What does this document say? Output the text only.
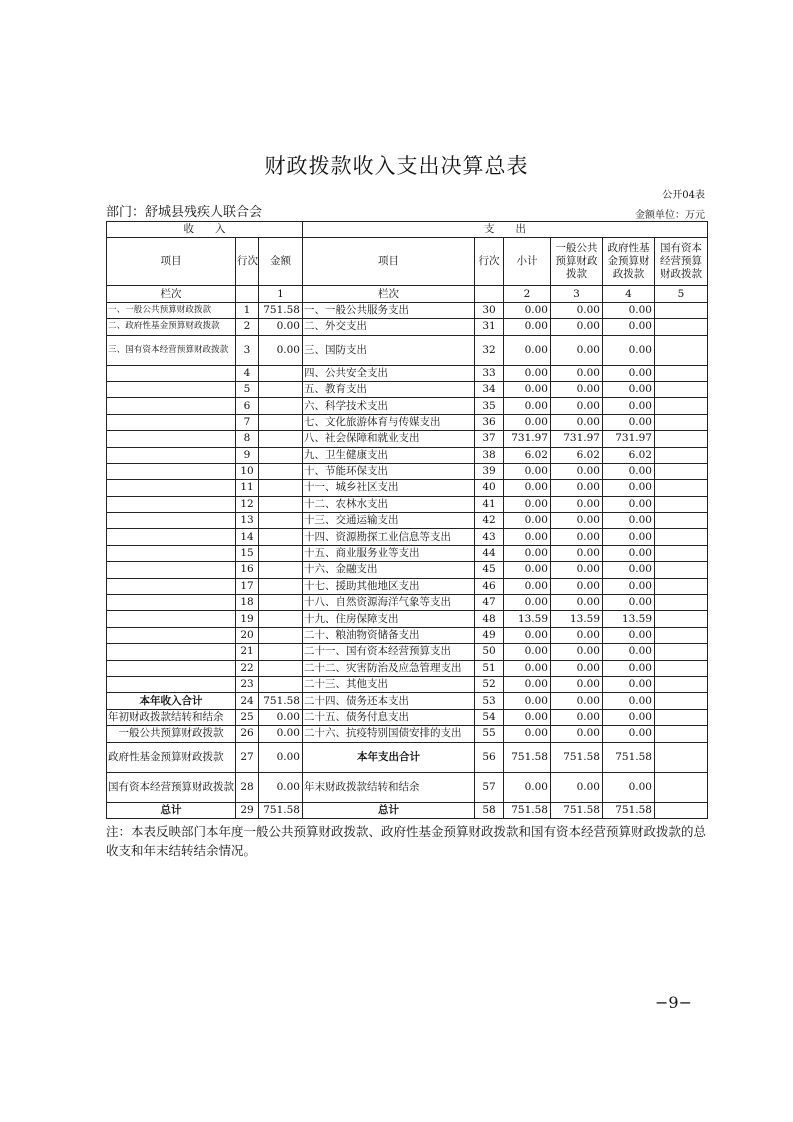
财政拨款收入支出决算总表
公开04表
部门：舒城县残疾人联合会	金额单位：万元
收　　入			支　　出					
项目	行次	金额	项目	行次	小计	一般公共预算财政拨款	政府性基金预算财政拨款	国有资本经营预算财政拨款
栏次		1	栏次		2	3	4	5
一、一般公共预算财政拨款	1	751.58	一、一般公共服务支出	30	0.00	0.00	0.00	
二、政府性基金预算财政拨款	2	0.00	二、外交支出	31	0.00	0.00	0.00	
三、国有资本经营预算财政拨款	3	0.00	三、国防支出	32	0.00	0.00	0.00	
	4		四、公共安全支出	33	0.00	0.00	0.00	
	5		五、教育支出	34	0.00	0.00	0.00	
	6		六、科学技术支出	35	0.00	0.00	0.00	
	7		七、文化旅游体育与传媒支出	36	0.00	0.00	0.00	
	8		八、社会保障和就业支出	37	731.97	731.97	731.97	
	9		九、卫生健康支出	38	6.02	6.02	6.02	
	10		十、节能环保支出	39	0.00	0.00	0.00	
	11		十一、城乡社区支出	40	0.00	0.00	0.00	
	12		十二、农林水支出	41	0.00	0.00	0.00	
	13		十三、交通运输支出	42	0.00	0.00	0.00	
	14		十四、资源勘探工业信息等支出	43	0.00	0.00	0.00	
	15		十五、商业服务业等支出	44	0.00	0.00	0.00	
	16		十六、金融支出	45	0.00	0.00	0.00	
	17		十七、援助其他地区支出	46	0.00	0.00	0.00	
	18		十八、自然资源海洋气象等支出	47	0.00	0.00	0.00	
	19		十九、住房保障支出	48	13.59	13.59	13.59	
	20		二十、粮油物资储备支出	49	0.00	0.00	0.00	
	21		二十一、国有资本经营预算支出	50	0.00	0.00	0.00	
	22		二十二、灾害防治及应急管理支出	51	0.00	0.00	0.00	
	23		二十三、其他支出	52	0.00	0.00	0.00	
本年收入合计	24	751.58	二十四、债务还本支出	53	0.00	0.00	0.00	
年初财政拨款结转和结余	25	0.00	二十五、债务付息支出	54	0.00	0.00	0.00	
一般公共预算财政拨款	26	0.00	二十六、抗疫特别国债安排的支出	55	0.00	0.00	0.00	
政府性基金预算财政拨款	27	0.00	本年支出合计	56	751.58	751.58	751.58	
国有资本经营预算财政拨款	28	0.00	年末财政拨款结转和结余	57	0.00	0.00	0.00	
总计	29	751.58	总计	58	751.58	751.58	751.58	
注：本表反映部门本年度一般公共预算财政拨款、政府性基金预算财政拨款和国有资本经营预算财政拨款的总收支和年末结转结余情况。
−9−
